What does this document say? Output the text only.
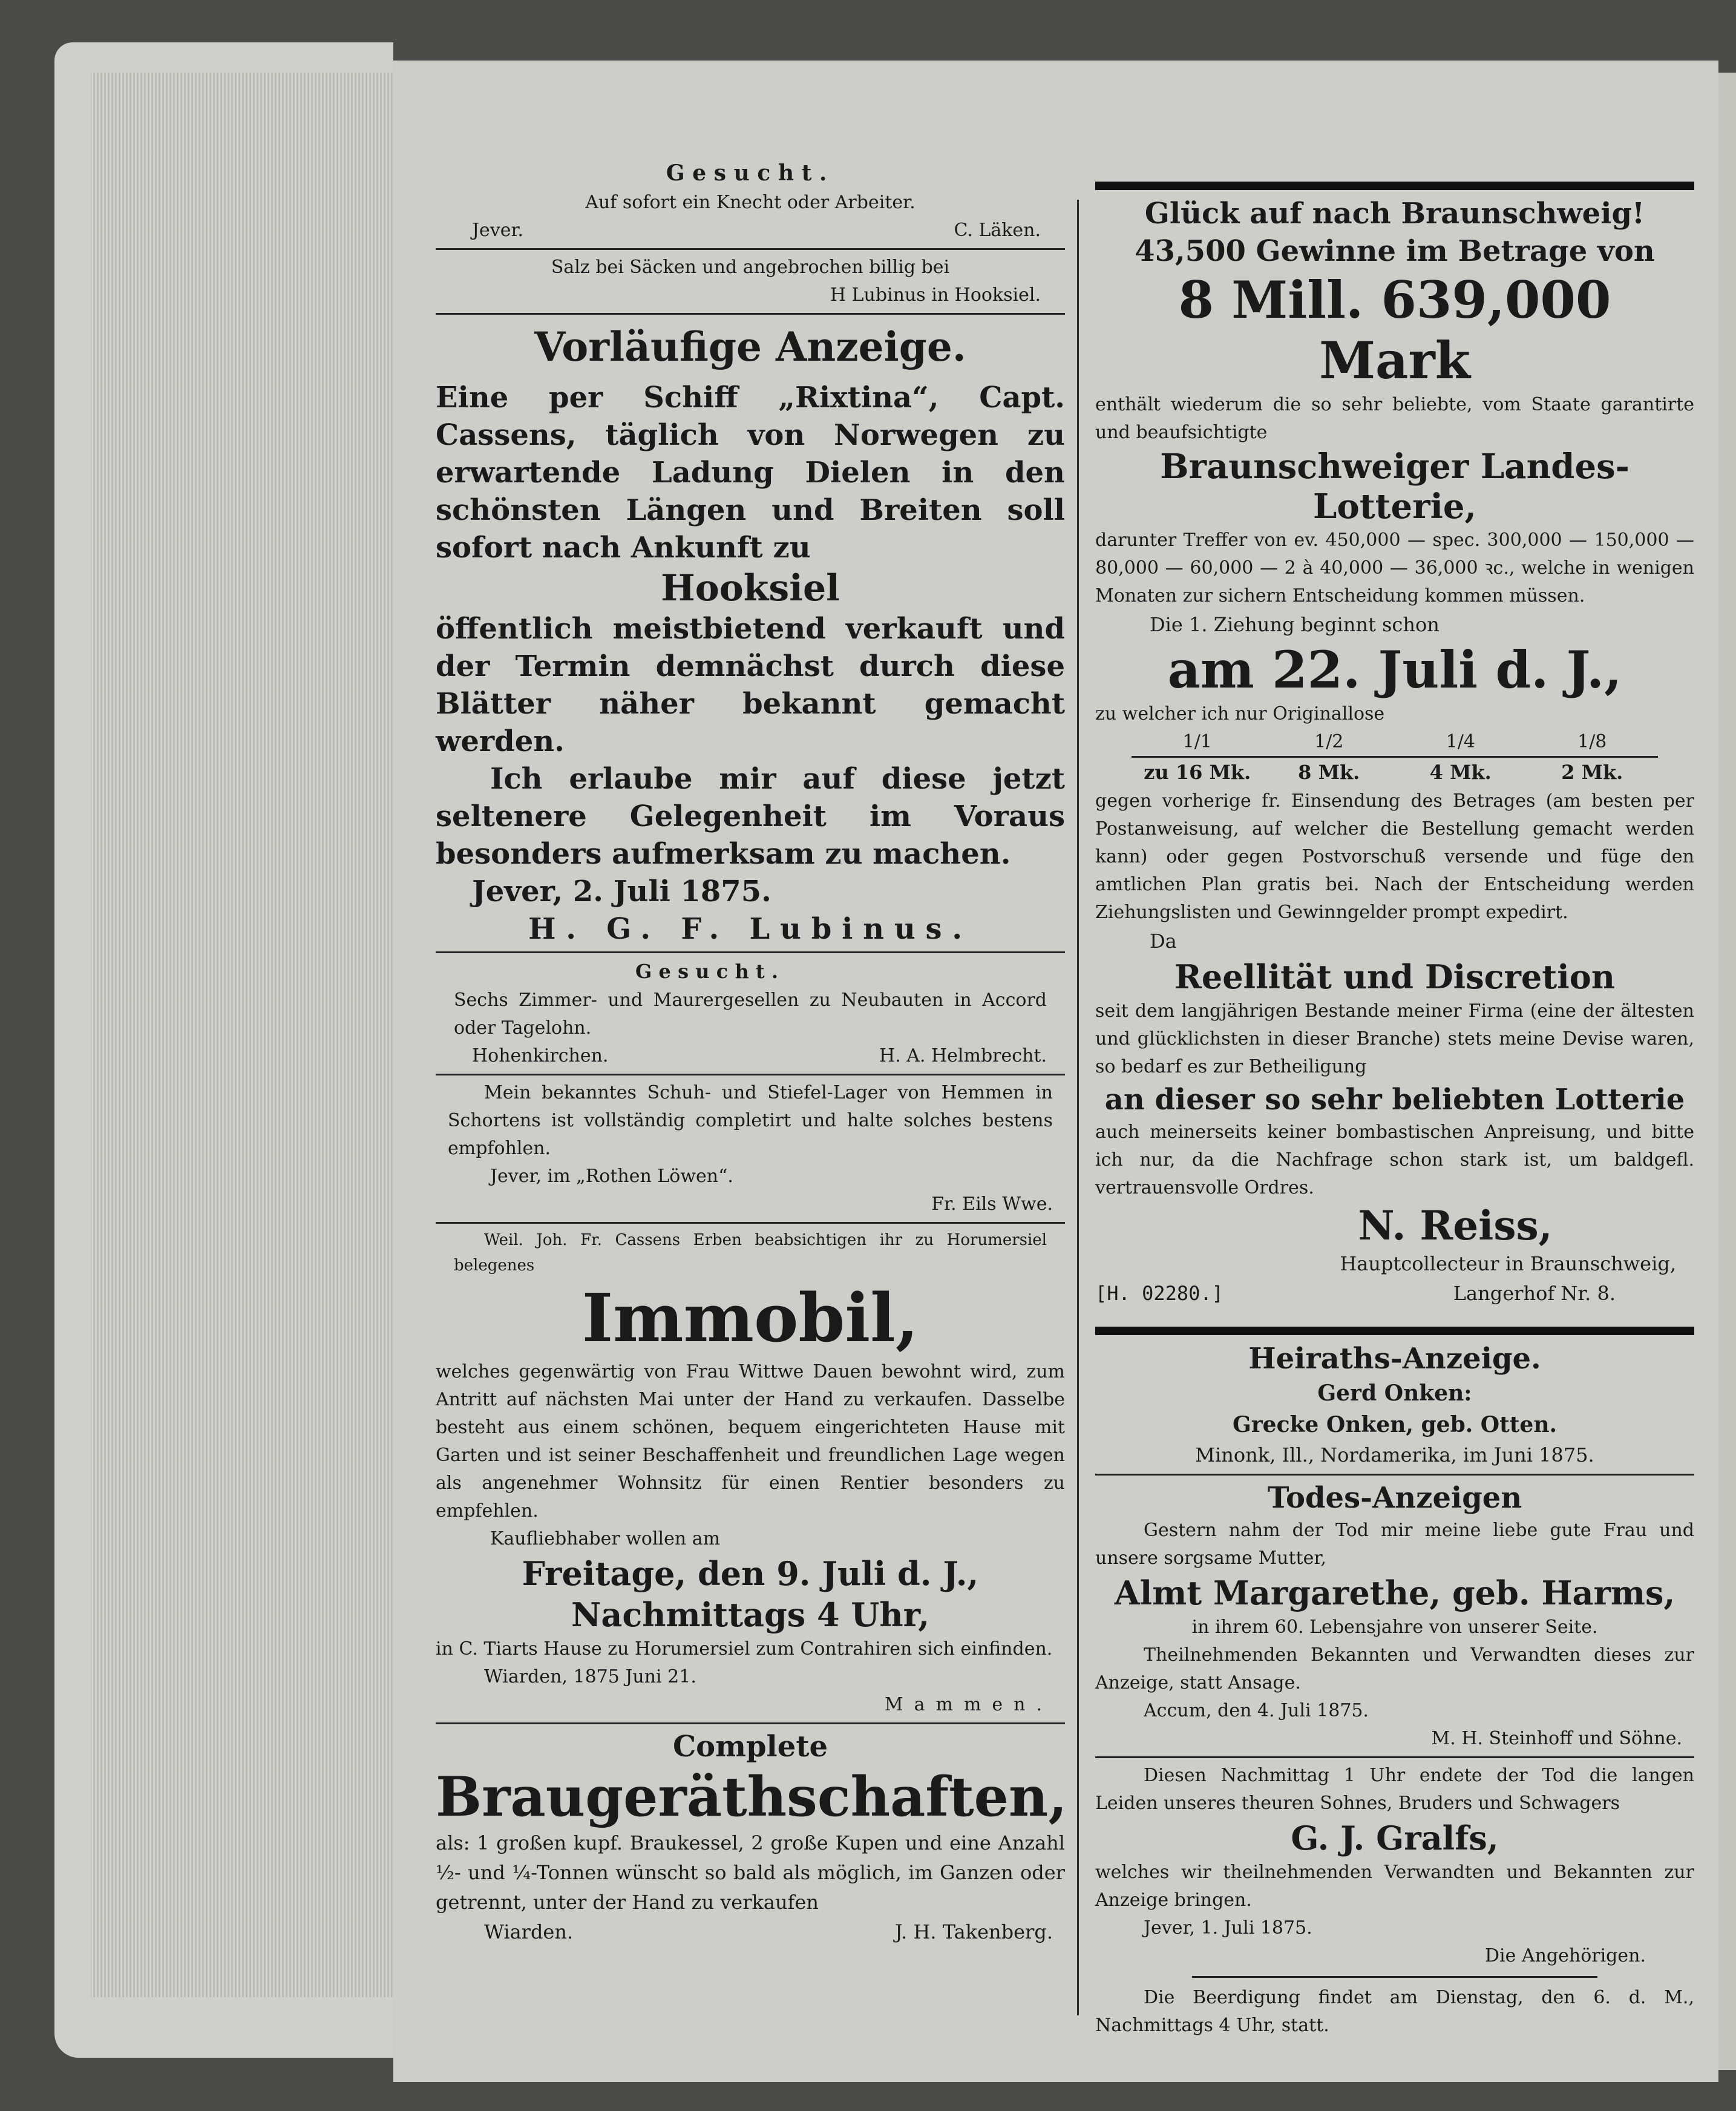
Gesucht.

Auf sofort ein Knecht oder Arbeiter.

Jever.	C. Läken.

Salz bei Säcken und angebrochen billig bei

H Lubinus in Hooksiel.

Vorläufige Anzeige.

Eine per Schiff „Rixtina“, Capt. Cassens, täglich von Norwegen zu erwartende Ladung Dielen in den schönsten Längen und Breiten soll sofort nach Ankunft zu

Hooksiel

öffentlich meistbietend verkauft und der Termin demnächst durch diese Blätter näher bekannt gemacht werden.

Ich erlaube mir auf diese jetzt seltenere Gelegenheit im Voraus besonders aufmerksam zu machen.

Jever, 2. Juli 1875.

H. G. F. Lubinus.

Gesucht.

Sechs Zimmer- und Maurergesellen zu Neubauten in Accord oder Tagelohn.

Hohenkirchen.	H. A. Helmbrecht.

Mein bekanntes Schuh- und Stiefel-Lager von Hemmen in Schortens ist vollständig completirt und halte solches bestens empfohlen.

Jever, im „Rothen Löwen“.

Fr. Eils Wwe.

Weil. Joh. Fr. Cassens Erben beabsichtigen ihr zu Horumersiel belegenes

Immobil,

welches gegenwärtig von Frau Wittwe Dauen bewohnt wird, zum Antritt auf nächsten Mai unter der Hand zu verkaufen. Dasselbe besteht aus einem schönen, bequem eingerichteten Hause mit Garten und ist seiner Beschaffenheit und freundlichen Lage wegen als angenehmer Wohnsitz für einen Rentier besonders zu empfehlen.

Kaufliebhaber wollen am

Freitage, den 9. Juli d. J.,

Nachmittags 4 Uhr,

in C. Tiarts Hause zu Horumersiel zum Contrahiren sich einfinden.

Wiarden, 1875 Juni 21.

Mammen.

Complete

Braugeräthschaften,

als: 1 großen kupf. Braukessel, 2 große Kupen und eine Anzahl ½- und ¼-Tonnen wünscht so bald als möglich, im Ganzen oder getrennt, unter der Hand zu verkaufen

Wiarden.	J. H. Takenberg.

Glück auf nach Braunschweig!

43,500 Gewinne im Betrage von

8 Mill. 639,000 Mark

enthält wiederum die so sehr beliebte, vom Staate garantirte und beaufsichtigte

Braunschweiger Landes-Lotterie,

darunter Treffer von ev. 450,000 — spec. 300,000 — 150,000 — 80,000 — 60,000 — 2 à 40,000 — 36,000 ꝛc., welche in wenigen Monaten zur sichern Entscheidung kommen müssen.

Die 1. Ziehung beginnt schon

am 22. Juli d. J.,

zu welcher ich nur Originallose

1/1	1/2	1/4	1/8
zu 16 Mk.	8 Mk.	4 Mk.	2 Mk.

gegen vorherige fr. Einsendung des Betrages (am besten per Postanweisung, auf welcher die Bestellung gemacht werden kann) oder gegen Postvorschuß versende und füge den amtlichen Plan gratis bei. Nach der Entscheidung werden Ziehungslisten und Gewinngelder prompt expedirt.

Da

Reellität und Discretion

seit dem langjährigen Bestande meiner Firma (eine der ältesten und glücklichsten in dieser Branche) stets meine Devise waren, so bedarf es zur Betheiligung

an dieser so sehr beliebten Lotterie

auch meinerseits keiner bombastischen Anpreisung, und bitte ich nur, da die Nachfrage schon stark ist, um baldgefl. vertrauensvolle Ordres.

N. Reiss,

Hauptcollecteur in Braunschweig,

[H. 02280.]	Langerhof Nr. 8.

Heiraths-Anzeige.

Gerd Onken:

Grecke Onken, geb. Otten.

Minonk, Ill., Nordamerika, im Juni 1875.

Todes-Anzeigen

Gestern nahm der Tod mir meine liebe gute Frau und unsere sorgsame Mutter,

Almt Margarethe, geb. Harms,

in ihrem 60. Lebensjahre von unserer Seite.

Theilnehmenden Bekannten und Verwandten dieses zur Anzeige, statt Ansage.

Accum, den 4. Juli 1875.

M. H. Steinhoff und Söhne.

Diesen Nachmittag 1 Uhr endete der Tod die langen Leiden unseres theuren Sohnes, Bruders und Schwagers

G. J. Gralfs,

welches wir theilnehmenden Verwandten und Bekannten zur Anzeige bringen.

Jever, 1. Juli 1875.

Die Angehörigen.

Die Beerdigung findet am Dienstag, den 6. d. M., Nachmittags 4 Uhr, statt.
